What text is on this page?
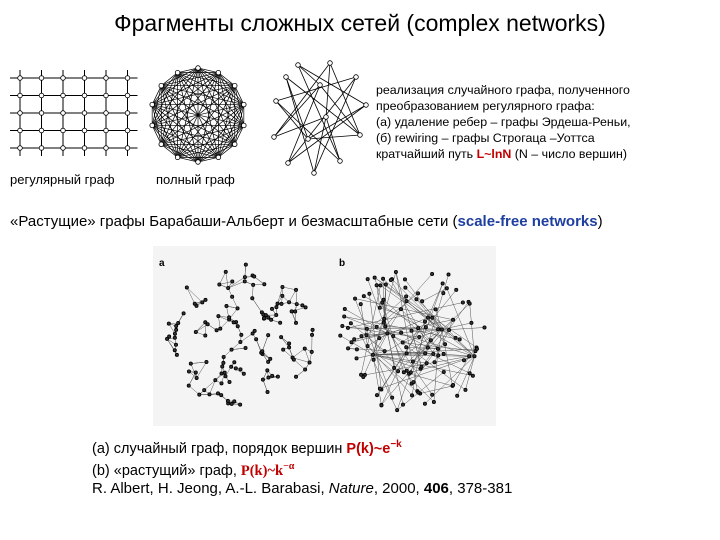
Фрагменты сложных сетей (complex networks)
регулярный граф	полный граф
реализация случайного графа, полученного
преобразованием регулярного графа:
(а) удаление ребер – графы Эрдеша-Реньи,
(б) rewiring – графы Строгаца –Уоттса
кратчайший путь L~lnN (N – число вершин)
«Растущие» графы Барабаши-Альберт и безмасштабные сети (scale-free networks)
a	b
(а) случайный граф, порядок вершин $P(k)\sim e^{-k}$
(b) «растущий» граф, $P(k)\sim k^{-\alpha}$
R. Albert, H. Jeong, A.-L. Barabasi, Nature, 2000, 406, 378-381
